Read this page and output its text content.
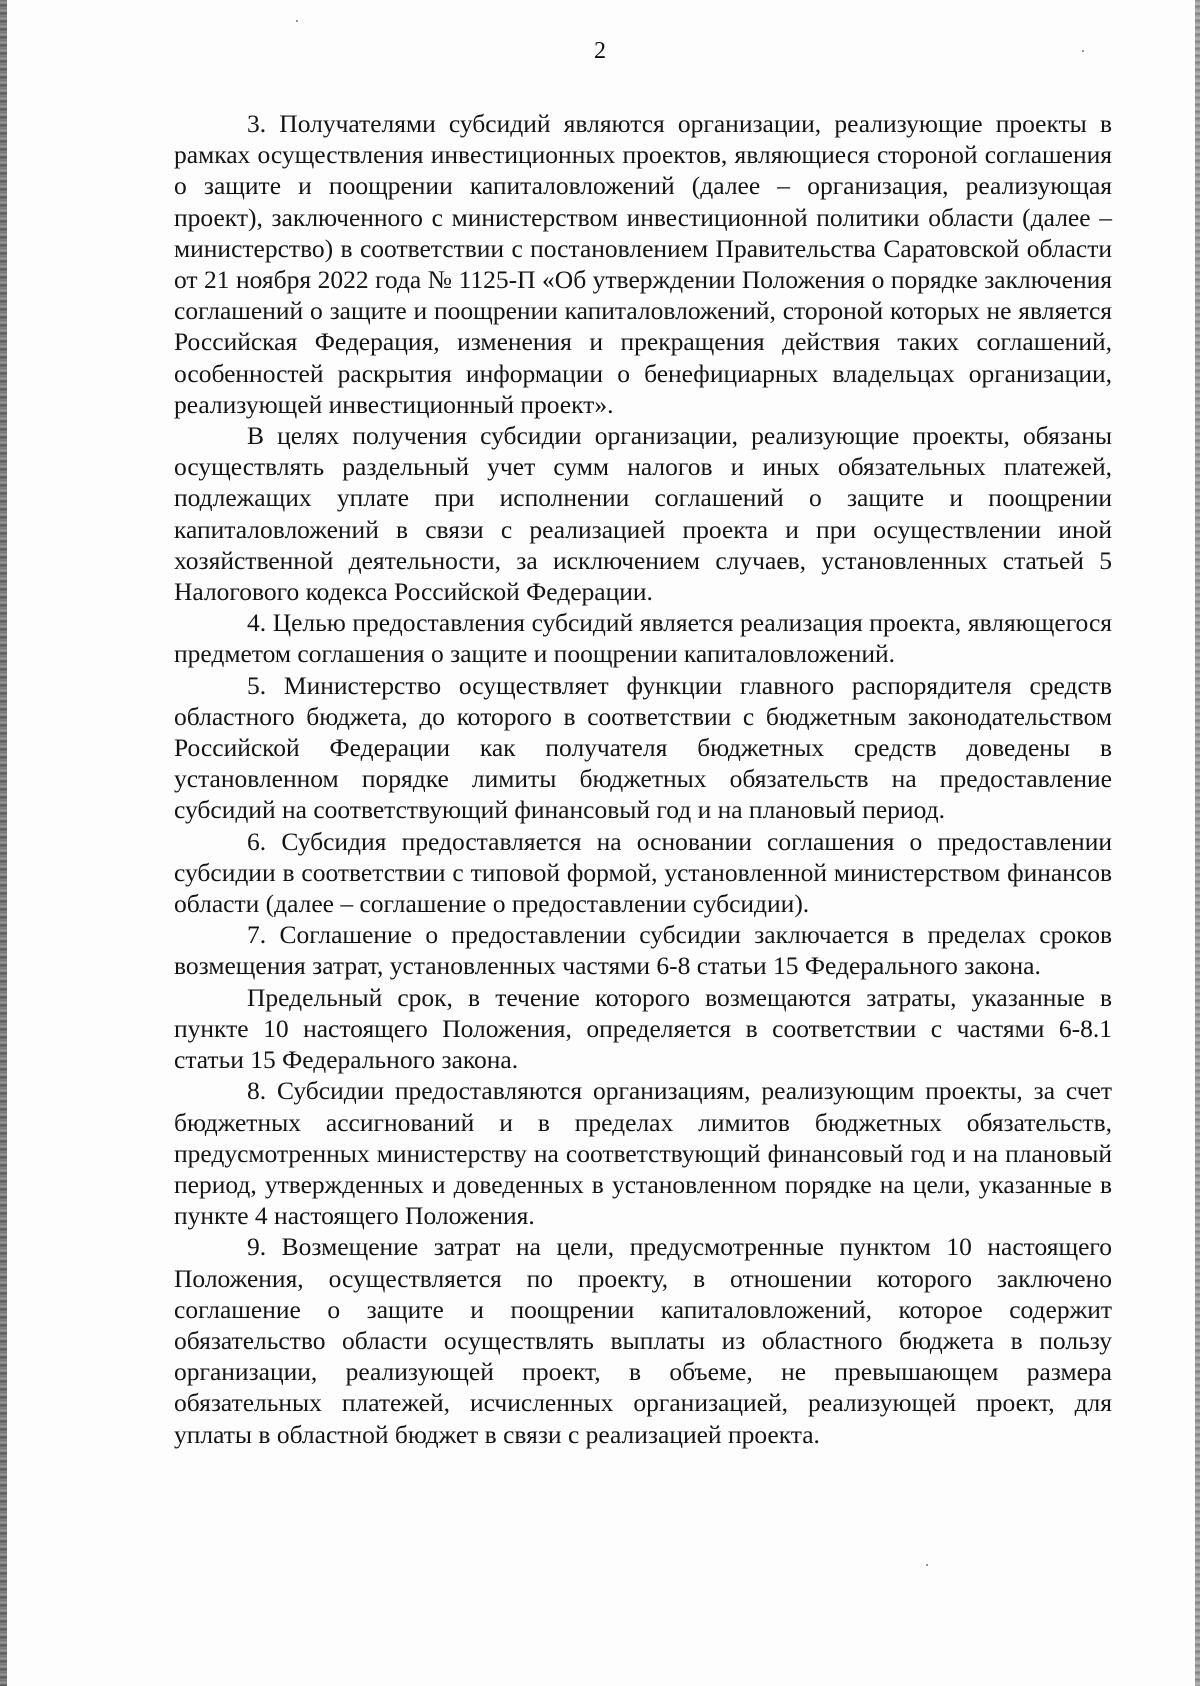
2

3. Получателями субсидий являются организации, реализующие проекты в рамках осуществления инвестиционных проектов, являющиеся стороной соглашения о защите и поощрении капиталовложений (далее – организация, реализующая проект), заключенного с министерством инвестиционной политики области (далее – министерство) в соответствии с постановлением Правительства Саратовской области от 21 ноября 2022 года № 1125-П «Об утверждении Положения о порядке заключения соглашений о защите и поощрении капиталовложений, стороной которых не является Российская Федерация, изменения и прекращения действия таких соглашений, особенностей раскрытия информации о бенефициарных владельцах организации, реализующей инвестиционный проект».

В целях получения субсидии организации, реализующие проекты, обязаны осуществлять раздельный учет сумм налогов и иных обязательных платежей, подлежащих уплате при исполнении соглашений о защите и поощрении капиталовложений в связи с реализацией проекта и при осуществлении иной хозяйственной деятельности, за исключением случаев, установленных статьей 5 Налогового кодекса Российской Федерации.

4. Целью предоставления субсидий является реализация проекта, являющегося предметом соглашения о защите и поощрении капиталовложений.

5. Министерство осуществляет функции главного распорядителя средств областного бюджета, до которого в соответствии с бюджетным законодательством Российской Федерации как получателя бюджетных средств доведены в установленном порядке лимиты бюджетных обязательств на предоставление субсидий на соответствующий финансовый год и на плановый период.

6. Субсидия предоставляется на основании соглашения о предоставлении субсидии в соответствии с типовой формой, установленной министерством финансов области (далее – соглашение о предоставлении субсидии).

7. Соглашение о предоставлении субсидии заключается в пределах сроков возмещения затрат, установленных частями 6-8 статьи 15 Федерального закона.

Предельный срок, в течение которого возмещаются затраты, указанные в пункте 10 настоящего Положения, определяется в соответствии с частями 6-8.1 статьи 15 Федерального закона.

8. Субсидии предоставляются организациям, реализующим проекты, за счет бюджетных ассигнований и в пределах лимитов бюджетных обязательств, предусмотренных министерству на соответствующий финансовый год и на плановый период, утвержденных и доведенных в установленном порядке на цели, указанные в пункте 4 настоящего Положения.

9. Возмещение затрат на цели, предусмотренные пунктом 10 настоящего Положения, осуществляется по проекту, в отношении которого заключено соглашение о защите и поощрении капиталовложений, которое содержит обязательство области осуществлять выплаты из областного бюджета в пользу организации, реализующей проект, в объеме, не превышающем размера обязательных платежей, исчисленных организацией, реализующей проект, для уплаты в областной бюджет в связи с реализацией проекта.
